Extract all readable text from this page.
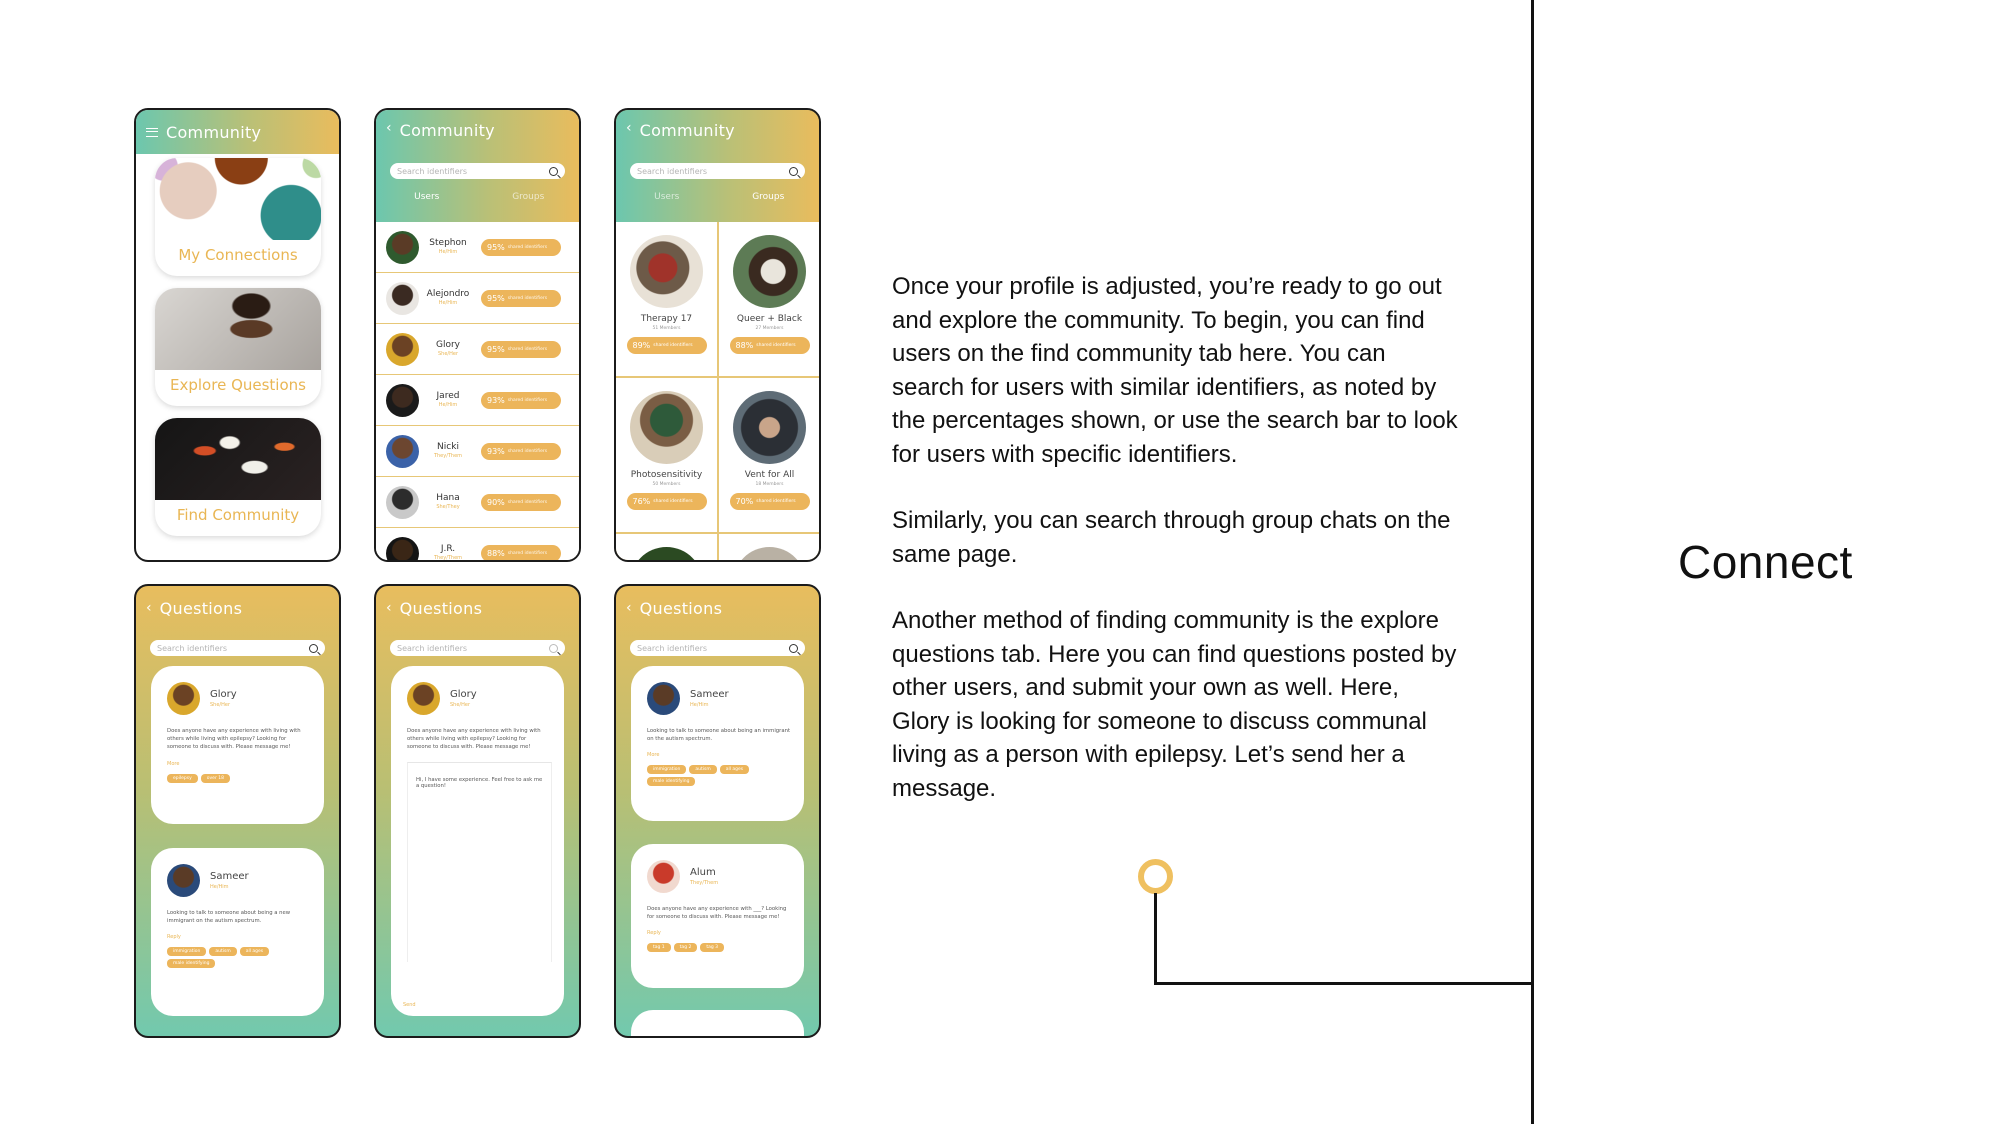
Community
My Connections
Explore Questions
Find Community
‹ Community
Search identifiers
Users	Groups
Stephon
He/Him
95% shared identifiers
Alejondro
He/Him
95% shared identifiers
Glory
She/Her
95% shared identifiers
Jared
He/Him
93% shared identifiers
Nicki
They/Them
93% shared identifiers
Hana
She/They
90% shared identifiers
J.R.
They/Them
88% shared identifiers
‹ Community
Search identifiers
Users	Groups
Therapy 17
51 Members
89% shared identifiers
Queer + Black
27 Members
88% shared identifiers
Photosensitivity
50 Members
76% shared identifiers
Vent for All
18 Members
70% shared identifiers
‹ Questions
Search identifiers
Glory
She/Her
Does anyone have any experience with living with others while living with epilepsy? Looking for someone to discuss with. Please message me!
More
epilepsy	over 18
Sameer
He/Him
Looking to talk to someone about being a new immigrant on the autism spectrum.
Reply
immigration	autism	all ages
male identifying
‹ Questions
Search identifiers
Glory
She/Her
Does anyone have any experience with living with others while living with epilepsy? Looking for someone to discuss with. Please message me!
Hi, I have some experience. Feel free to ask me a question!
Send
‹ Questions
Search identifiers
Sameer
He/Him
Looking to talk to someone about being an immigrant on the autism spectrum.
More
immigration	autism	all ages
male identifying
Alum
They/Them
Does anyone have any experience with ___? Looking for someone to discuss with. Please message me!
Reply
tag 1	tag 2	tag 3

Once your profile is adjusted, you’re ready to go out and explore the community. To begin, you can find users on the find community tab here. You can search for users with similar identifiers, as noted by the percentages shown, or use the search bar to look for users with specific identifiers.

Similarly, you can search through group chats on the same page.

Another method of finding community is the explore questions tab. Here you can find questions posted by other users, and submit your own as well. Here, Glory is looking for someone to discuss communal living as a person with epilepsy. Let’s send her a message.

Connect
